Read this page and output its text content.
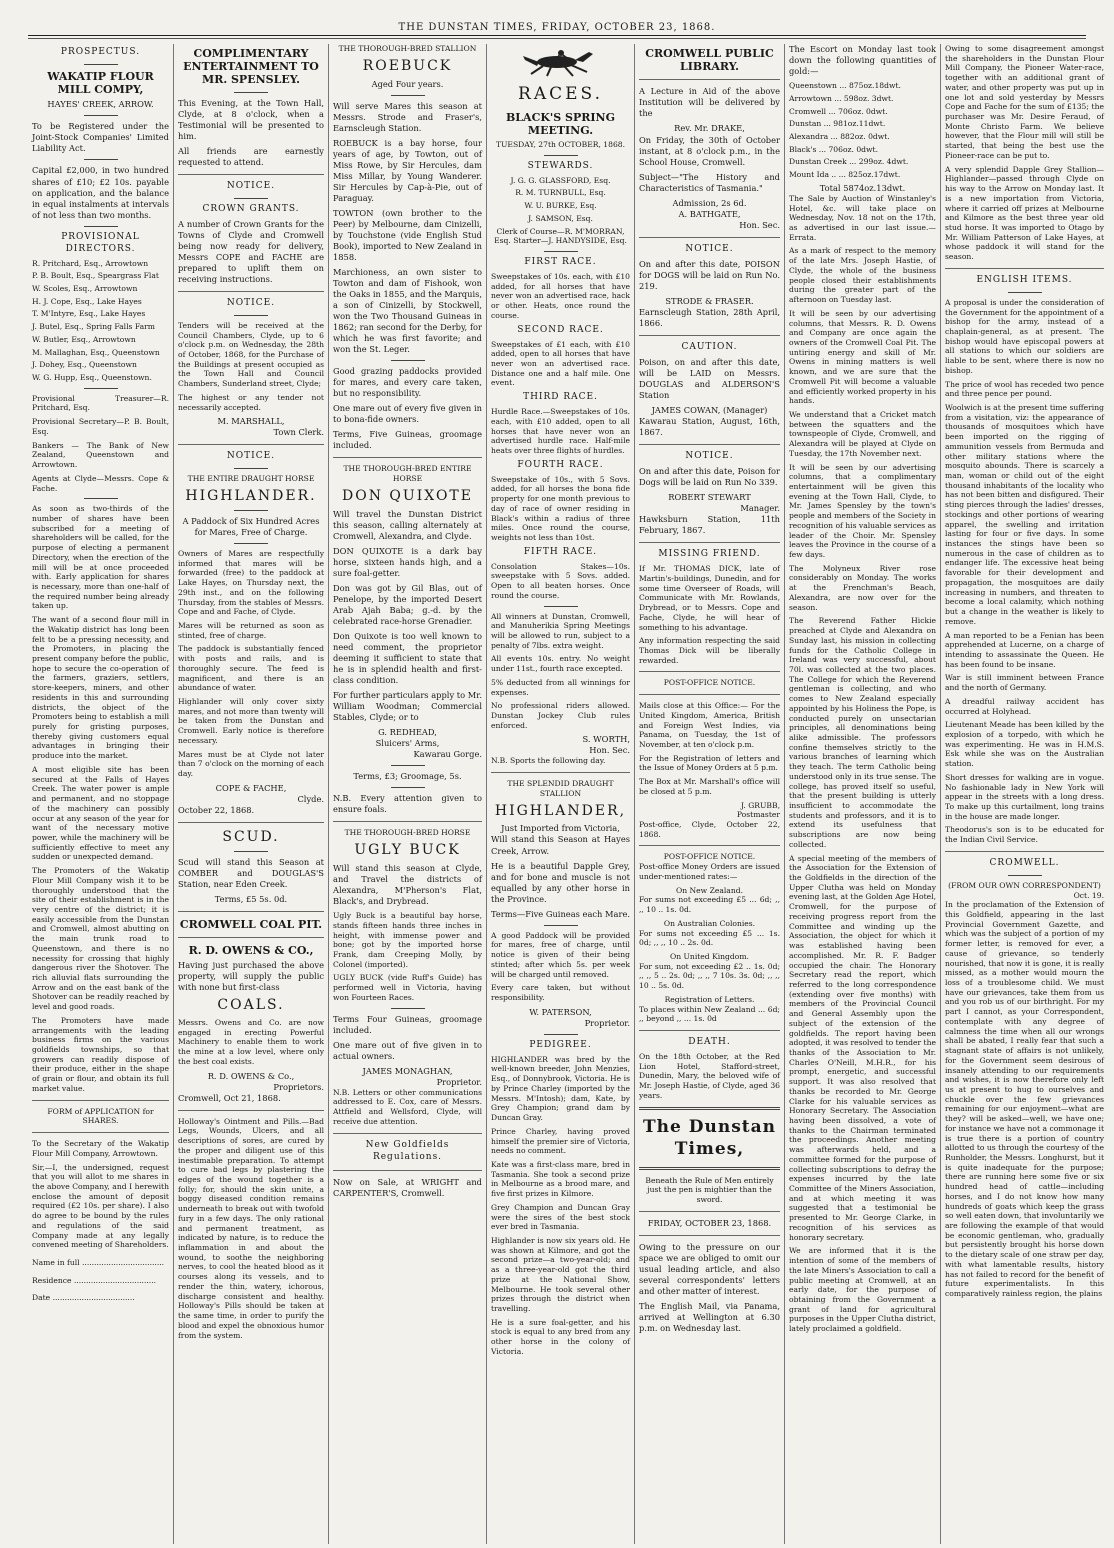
THE DUNSTAN TIMES, FRIDAY, OCTOBER 23, 1868.
PROSPECTUS.
WAKATIP FLOUR MILL COMPY,
HAYES' CREEK, ARROW.

To be Registered under the Joint-Stock Companies' Limited Liability Act.

Capital £2,000, in two hundred shares of £10; £2 10s. payable on application, and the balance in equal instalments at intervals of not less than two months.

PROVISIONAL DIRECTORS.
R. Pritchard, Esq., Arrowtown
P. B. Boult, Esq., Speargrass Flat
W. Scoles, Esq., Arrowtown
H. J. Cope, Esq., Lake Hayes
T. M'Intyre, Esq., Lake Hayes
J. Butel, Esq., Spring Falls Farm
W. Butler, Esq., Arrowtown
M. Mallaghan, Esq., Queenstown
J. Dohey, Esq., Queenstown
W. G. Hupp, Esq., Queenstown.

Provisional Treasurer—R. Pritchard, Esq.

Provisional Secretary—P. B. Boult, Esq.

Bankers — The Bank of New Zealand, Queenstown and Arrowtown.

Agents at Clyde—Messrs. Cope & Fache.

As soon as two-thirds of the number of shares have been subscribed for a meeting of shareholders will be called, for the purpose of electing a permanent Directory, when the erection of the mill will be at once proceeded with. Early application for shares is necessary, more than one-half of the required number being already taken up.

The want of a second flour mill in the Wakatip district has long been felt to be a pressing necessity, and the Promoters, in placing the present company before the public, hope to secure the co-operation of the farmers, graziers, settlers, store-keepers, miners, and other residents in this and surrounding districts, the object of the Promoters being to establish a mill purely for gristing purposes, thereby giving customers equal advantages in bringing their produce into the market.

A most eligible site has been secured at the Falls of Hayes Creek. The water power is ample and permanent, and no stoppage of the machinery can possibly occur at any season of the year for want of the necessary motive power, while the machinery will be sufficiently effective to meet any sudden or unexpected demand.

The Promoters of the Wakatip Flour Mill Company wish it to be thoroughly understood that the site of their establishment is in the very centre of the district; it is easily accessible from the Dunstan and Cromwell, almost abutting on the main trunk road to Queenstown, and there is no necessity for crossing that highly dangerous river the Shotover. The rich alluvial flats surrounding the Arrow and on the east bank of the Shotover can be readily reached by level and good roads.

The Promoters have made arrangements with the leading business firms on the various goldfields townships, so that growers can readily dispose of their produce, either in the shape of grain or flour, and obtain its full market value.

FORM of APPLICATION for SHARES.

To the Secretary of the Wakatip Flour Mill Company, Arrowtown.

Sir,—I, the undersigned, request that you will allot to me shares in the above Company, and I herewith enclose the amount of deposit required (£2 10s. per share). I also do agree to be bound by the rules and regulations of the said Company made at any legally convened meeting of Shareholders.

Name in full ..................................
Residence ..................................
Date ..................................
COMPLIMENTARY ENTERTAINMENT TO MR. SPENSLEY.

This Evening, at the Town Hall, Clyde, at 8 o'clock, when a Testimonial will be presented to him.

All friends are earnestly requested to attend.

NOTICE.
CROWN GRANTS.

A number of Crown Grants for the Towns of Clyde and Cromwell being now ready for delivery, Messrs COPE and FACHE are prepared to uplift them on receiving instructions.

NOTICE.

Tenders will be received at the Council Chambers, Clyde, up to 6 o'clock p.m. on Wednesday, the 28th of October, 1868, for the Purchase of the Buildings at present occupied as the Town Hall and Council Chambers, Sunderland street, Clyde;

The highest or any tender not necessarily accepted.

M. MARSHALL,
Town Clerk.
NOTICE.
THE ENTIRE DRAUGHT HORSE
HIGHLANDER.

A Paddock of Six Hundred Acres for Mares, Free of Charge.

Owners of Mares are respectfully informed that mares will be forwarded (free) to the paddock at Lake Hayes, on Thursday next, the 29th inst., and on the following Thursday, from the stables of Messrs. Cope and and Fache, of Clyde.

Mares will be returned as soon as stinted, free of charge.

The paddock is substantially fenced with posts and rails, and is thoroughly secure. The feed is magnificent, and there is an abundance of water.

Highlander will only cover sixty mares, and not more than twenty will be taken from the Dunstan and Cromwell. Early notice is therefore necessary.

Mares must be at Clyde not later than 7 o'clock on the morning of each day.

COPE & FACHE,
Clyde.
October 22, 1868.
SCUD.

Scud will stand this Season at COMBER and DOUGLAS'S Station, near Eden Creek.

Terms, £5 5s. 0d.
CROMWELL COAL PIT.
R. D. OWENS & CO.,

Having just purchased the above property, will supply the public with none but first-class

COALS.

Messrs. Owens and Co. are now engaged in erecting Powerful Machinery to enable them to work the mine at a low level, where only the best coal exists.

R. D. OWENS & Co.,
Proprietors.
Cromwell, Oct 21, 1868.

Holloway's Ointment and Pills.—Bad Legs, Wounds, Ulcers, and all descriptions of sores, are cured by the proper and diligent use of this inestimable preparation. To attempt to cure bad legs by plastering the edges of the wound together is a folly; for, should the skin unite, a boggy diseased condition remains underneath to break out with twofold fury in a few days. The only rational and permanent treatment, as indicated by nature, is to reduce the inflammation in and about the wound, to soothe the neighboring nerves, to cool the heated blood as it courses along its vessels, and to render the thin, watery, ichorous, discharge consistent and healthy. Holloway's Pills should be taken at the same time, in order to purify the blood and expel the obnoxious humor from the system.

THE THOROUGH-BRED STALLION
ROEBUCK
Aged Four years.

Will serve Mares this season at Messrs. Strode and Fraser's, Earnscleugh Station.

ROEBUCK is a bay horse, four years of age, by Towton, out of Miss Rowe, by Sir Hercules, dam Miss Millar, by Young Wanderer. Sir Hercules by Cap-à-Pie, out of Paraguay.

TOWTON (own brother to the Peer) by Melbourne, dam Cinizelli, by Touchstone (vide English Stud Book), imported to New Zealand in 1858.

Marchioness, an own sister to Towton and dam of Fishook, won the Oaks in 1855, and the Marquis, a son of Cinizelli, by Stockwell, won the Two Thousand Guineas in 1862; ran second for the Derby, for which he was first favorite; and won the St. Leger.

Good grazing paddocks provided for mares, and every care taken, but no responsibility.

One mare out of every five given in to bona-fide owners.

Terms, Five Guineas, groomage included.

THE THOROUGH-BRED ENTIRE HORSE
DON QUIXOTE

Will travel the Dunstan District this season, calling alternately at Cromwell, Alexandra, and Clyde.

DON QUIXOTE is a dark bay horse, sixteen hands high, and a sure foal-getter.

Don was got by Gil Blas, out of Penelope, by the imported Desert Arab Ajah Baba; g.-d. by the celebrated race-horse Grenadier.

Don Quixote is too well known to need comment, the proprietor deeming it sufficient to state that he is in splendid health and first-class condition.

For further particulars apply to Mr. William Woodman; Commercial Stables, Clyde; or to

G. REDHEAD,
Sluicers' Arms,
Kawarau Gorge.
Terms, £3; Groomage, 5s.

N.B. Every attention given to ensure foals.

THE THOROUGH-BRED HORSE
UGLY BUCK

Will stand this season at Clyde, and Travel the districts of Alexandra, M'Pherson's Flat, Black's, and Drybread.

Ugly Buck is a beautiful bay horse, stands fifteen hands three inches in height, with immense power and bone; got by the imported horse Frank, dam Creeping Molly, by Colonel (imported).

UGLY BUCK (vide Ruff's Guide) has performed well in Victoria, having won Fourteen Races.

Terms Four Guineas, groomage included.

One mare out of five given in to actual owners.

JAMES MONAGHAN,
Proprietor.

N.B. Letters or other communications addressed to E. Cox, care of Messrs. Attfield and Wellsford, Clyde, will receive due attention.

New Goldfields Regulations.

Now on Sale, at WRIGHT and CARPENTER'S, Cromwell.

RACES.
BLACK'S SPRING MEETING.
TUESDAY, 27th OCTOBER, 1868.
STEWARDS.
J. G. G. GLASSFORD, Esq.
R. M. TURNBULL, Esq.
W. U. BURKE, Esq.
J. SAMSON, Esq.

Clerk of Course—R. M'MORRAN, Esq. Starter—J. HANDYSIDE, Esq.

FIRST RACE.

Sweepstakes of 10s. each, with £10 added, for all horses that have never won an advertised race, hack or other. Heats, once round the course.

SECOND RACE.

Sweepstakes of £1 each, with £10 added, open to all horses that have never won an advertised race. Distance one and a half mile. One event.

THIRD RACE.

Hurdle Race.—Sweepstakes of 10s. each, with £10 added, open to all horses that have never won an advertised hurdle race. Half-mile heats over three flights of hurdles.

FOURTH RACE.

Sweepstake of 10s., with 5 Sovs. added, for all horses the bona fide property for one month previous to day of race of owner residing in Black's within a radius of three miles. Once round the course, weights not less than 10st.

FIFTH RACE.

Consolation Stakes—10s. sweepstake with 5 Sovs. added. Open to all beaten horses. Once round the course.

All winners at Dunstan, Cromwell, and Manuherikia Spring Meetings will be allowed to run, subject to a penalty of 7lbs. extra weight.

All events 10s. entry. No weight under 11st., fourth race excepted.

5% deducted from all winnings for expenses.

No professional riders allowed. Dunstan Jockey Club rules enforced.

S. WORTH,
Hon. Sec.

N.B. Sports the following day.

THE SPLENDID DRAUGHT STALLION
HIGHLANDER,
Just Imported from Victoria,

Will stand this Season at Hayes Creek, Arrow.

He is a beautiful Dapple Grey, and for bone and muscle is not equalled by any other horse in the Province.

Terms—Five Guineas each Mare.

A good Paddock will be provided for mares, free of charge, until notice is given of their being stinted; after which 5s. per week will be charged until removed.

Every care taken, but without responsibility.

W. PATERSON,
Proprietor.
PEDIGREE.

HIGHLANDER was bred by the well-known breeder, John Menzies, Esq., of Donnybrook, Victoria. He is by Prince Charley (imported by the Messrs. M'Intosh); dam, Kate, by Grey Champion; grand dam by Duncan Gray.

Prince Charley, having proved himself the premier sire of Victoria, needs no comment.

Kate was a first-class mare, bred in Tasmania. She took a second prize in Melbourne as a brood mare, and five first prizes in Kilmore.

Grey Champion and Duncan Gray were the sires of the best stock ever bred in Tasmania.

Highlander is now six years old. He was shown at Kilmore, and got the second prize—a two-year-old; and as a three-year-old got the third prize at the National Show, Melbourne. He took several other prizes through the district when travelling.

He is a sure foal-getter, and his stock is equal to any bred from any other horse in the colony of Victoria.

CROMWELL PUBLIC LIBRARY.

A Lecture in Aid of the above Institution will be delivered by the

Rev. Mr. DRAKE,

On Friday, the 30th of October instant, at 8 o'clock p.m., in the School House, Cromwell.

Subject—"The History and Characteristics of Tasmania."

Admission, 2s 6d.
A. BATHGATE,
Hon. Sec.
NOTICE.

On and after this date, POISON for DOGS will be laid on Run No. 219.

STRODE & FRASER.

Earnscleugh Station, 28th April, 1866.

CAUTION.

Poison, on and after this date, will be LAID on Messrs. DOUGLAS and ALDERSON'S Station

JAMES COWAN, (Manager)

Kawarau Station, August, 16th, 1867.

NOTICE.

On and after this date, Poison for Dogs will be laid on Run No 339.

ROBERT STEWART
Manager.

Hawksburn Station, 11th February, 1867.

MISSING FRIEND.

If Mr. THOMAS DICK, late of Martin's-buildings, Dunedin, and for some time Overseer of Roads, will Communicate with Mr. Rowlands, Drybread, or to Messrs. Cope and Fache, Clyde, he will hear of something to his advantage.

Any information respecting the said Thomas Dick will be liberally rewarded.

POST-OFFICE NOTICE.

Mails close at this Office:— For the United Kingdom, America, British and Foreign West Indies, via Panama, on Tuesday, the 1st of November, at ten o'clock p.m.

For the Registration of letters and the Issue of Money Orders at 5 p.m.

The Box at Mr. Marshall's office will be closed at 5 p.m.

J. GRUBB,
Postmaster

Post-office, Clyde, October 22, 1868.

POST-OFFICE NOTICE.

Post-office Money Orders are issued under-mentioned rates:—

On New Zealand.

For sums not exceeding £5 ... 6d; ,, ,, 10 .. 1s. 0d.

On Australian Colonies.

For sums not exceeding £5 ... 1s. 0d; ,, ,, 10 .. 2s. 0d.

On United Kingdom.

For sum, not exceeding £2 .. 1s. 0d; ,, ,, 5 .. 2s. 0d; ,, ,, 7 10s. 3s. 0d; ,, ,, 10 .. 5s. 0d.

Registration of Letters.

To places within New Zealand ... 6d; ,, beyond ,, ... 1s. 0d

DEATH.

On the 18th October, at the Red Lion Hotel, Stafford-street, Dunedin, Mary, the beloved wife of Mr. Joseph Hastie, of Clyde, aged 36 years.

The Dunstan Times,

Beneath the Rule of Men entirely just the pen is mightier than the sword.

FRIDAY, OCTOBER 23, 1868.

Owing to the pressure on our space we are obliged to omit our usual leading article, and also several correspondents' letters and other matter of interest.

The English Mail, via Panama, arrived at Wellington at 6.30 p.m. on Wednesday last.

The Escort on Monday last took down the following quantities of gold:—

Queenstown ... 875oz.18dwt.
Arrowtown ... 598oz. 3dwt.
Cromwell ... 706oz. 0dwt.
Dunstan ... 981oz.11dwt.
Alexandra ... 882oz. 0dwt.
Black's ... 706oz. 0dwt.
Dunstan Creek ... 299oz. 4dwt.
Mount Ida .. ... 825oz.17dwt.
Total 5874oz.13dwt.

The Sale by Auction of Winstanley's Hotel, &c. will take place on Wednesday, Nov. 18 not on the 17th, as advertised in our last issue.—Errata.

As a mark of respect to the memory of the late Mrs. Joseph Hastie, of Clyde, the whole of the business people closed their establishments during the greater part of the afternoon on Tuesday last.

It will be seen by our advertising columns, that Messrs. R. D. Owens and Company are once again the owners of the Cromwell Coal Pit. The untiring energy and skill of Mr. Owens in mining matters is well known, and we are sure that the Cromwell Pit will become a valuable and efficiently worked property in his hands.

We understand that a Cricket match between the squatters and the townspeople of Clyde, Cromwell, and Alexandra will be played at Clyde on Tuesday, the 17th November next.

It will be seen by our advertising columns, that a complimentary entertainment will be given this evening at the Town Hall, Clyde, to Mr. James Spensley by the town's people and members of the Society in recognition of his valuable services as leader of the Choir. Mr. Spensley leaves the Province in the course of a few days.

The Molyneux River rose considerably on Monday. The works at the Frenchman's Beach, Alexandra, are now over for the season.

The Reverend Father Hickie preached at Clyde and Alexandra on Sunday last, his mission in collecting funds for the Catholic College in Ireland was very successful, about 70l. was collected at the two places. The College for which the Reverend gentleman is collecting, and who comes to New Zealand especially appointed by his Holiness the Pope, is conducted purely on unsectarian principles, all denominations being alike admissible. The professors confine themselves strictly to the various branches of learning which they teach. The term Catholic being understood only in its true sense. The college, has proved itself so useful, that the present building is utterly insufficient to accommodate the students and professors, and it is to extend its usefulness that subscriptions are now being collected.

A special meeting of the members of the Association for the Extension of the Goldfields in the direction of the Upper Clutha was held on Monday evening last, at the Golden Age Hotel, Cromwell, for the purpose of receiving progress report from the Committee and winding up the Association, the object for which it was established having been accomplished. Mr. R. F. Badger occupied the chair. The Honorary Secretary read the report, which referred to the long correspondence (extending over five months) with members of the Provincial Council and General Assembly upon the subject of the extension of the goldfields. The report having been adopted, it was resolved to tender the thanks of the Association to Mr. Charles O'Neill, M.H.R., for his prompt, energetic, and successful support. It was also resolved that thanks be recorded to Mr. George Clarke for his valuable services as Honorary Secretary. The Association having been dissolved, a vote of thanks to the Chairman terminated the proceedings. Another meeting was afterwards held, and a committee formed for the purpose of collecting subscriptions to defray the expenses incurred by the late Committee of the Miners Association, and at which meeting it was suggested that a testimonial be presented to Mr. George Clarke, in recognition of his services as honorary secretary.

We are informed that it is the intention of some of the members of the late Miners's Association to call a public meeting at Cromwell, at an early date, for the purpose of obtaining from the Government a grant of land for agricultural purposes in the Upper Clutha district, lately proclaimed a goldfield.

Owing to some disagreement amongst the shareholders in the Dunstan Flour Mill Company, the Pioneer Water-race, together with an additional grant of water, and other property was put up in one lot and sold yesterday by Messrs Cope and Fache for the sum of £135; the purchaser was Mr. Desire Feraud, of Monte Christo Farm. We believe however, that the Flour mill will still be started, that being the best use the Pioneer-race can be put to.

A very splendid Dapple Grey Stallion—Highlander—passed through Clyde on his way to the Arrow on Monday last. It is a new importation from Victoria, where it carried off prizes at Melbourne and Kilmore as the best three year old stud horse. It was imported to Otago by Mr. William Patterson of Lake Hayes, at whose paddock it will stand for the season.

ENGLISH ITEMS.

A proposal is under the consideration of the Government for the appointment of a bishop for the army, instead of a chaplain-general, as at present. The bishop would have episcopal powers at all stations to which our soldiers are liable to be sent, where there is now no bishop.

The price of wool has receded two pence and three pence per pound.

Woolwich is at the present time suffering from a visitation, viz: the appearance of thousands of mosquitoes which have been imported on the rigging of ammunition vessels from Bermuda and other military stations where the mosquito abounds. There is scarcely a man, woman or child out of the eight thousand inhabitants of the locality who has not been bitten and disfigured. Their sting pierces through the ladies' dresses, stockings and other portions of wearing apparel, the swelling and irritation lasting for four or five days. In some instances the stings have been so numerous in the case of children as to endanger life. The excessive heat being favorable for their development and propagation, the mosquitoes are daily increasing in numbers, and threaten to become a local calamity, which nothing but a change in the weather is likely to remove.

A man reported to be a Fenian has been apprehended at Lucerne, on a charge of intending to assassinate the Queen. He has been found to be insane.

War is still imminent between France and the north of Germany.

A dreadful railway accident has occurred at Holyhead.

Lieutenant Meade has been killed by the explosion of a torpedo, with which he was experimenting. He was in H.M.S. Esk while she was on the Australian station.

Short dresses for walking are in vogue. No fashionable lady in New York will appear in the streets with a long dress. To make up this curtailment, long trains in the house are made longer.

Theodorus's son is to be educated for the Indian Civil Service.

CROMWELL.
(FROM OUR OWN CORRESPONDENT)
Oct. 19.

In the proclamation of the Extension of this Goldfield, appearing in the last Provincial Government Gazette, and which was the subject of a portion of my former letter, is removed for ever, a cause of grievance, so tenderly nourished, that now it is gone, it is really missed, as a mother would mourn the loss of a troublesome child. We must have our grievances, take them from us and you rob us of our birthright. For my part I cannot, as your Correspondent, contemplate with any degree of calmness the time when all our wrongs shall be abated, I really fear that such a stagnant state of affairs is not unlikely, for the Government seem desirous of insanely attending to our requirements and wishes, it is now therefore only left us at present to hug to ourselves and chuckle over the few grievances remaining for our enjoyment—what are they? will be asked—well, we have one; for instance we have not a commonage it is true there is a portion of country allotted to us through the courtesy of the Runholder, the Messrs. Longhurst, but it is quite inadequate for the purpose; there are running here some five or six hundred head of cattle—including horses, and I do not know how many hundreds of goats which keep the grass so well eaten down, that involuntarily we are following the example of that would be economic gentleman, who, gradually but persistently brought his horse down to the dietary scale of one straw per day, with what lamentable results, history has not failed to record for the benefit of future experimentalists. In this comparatively rainless region, the plains
